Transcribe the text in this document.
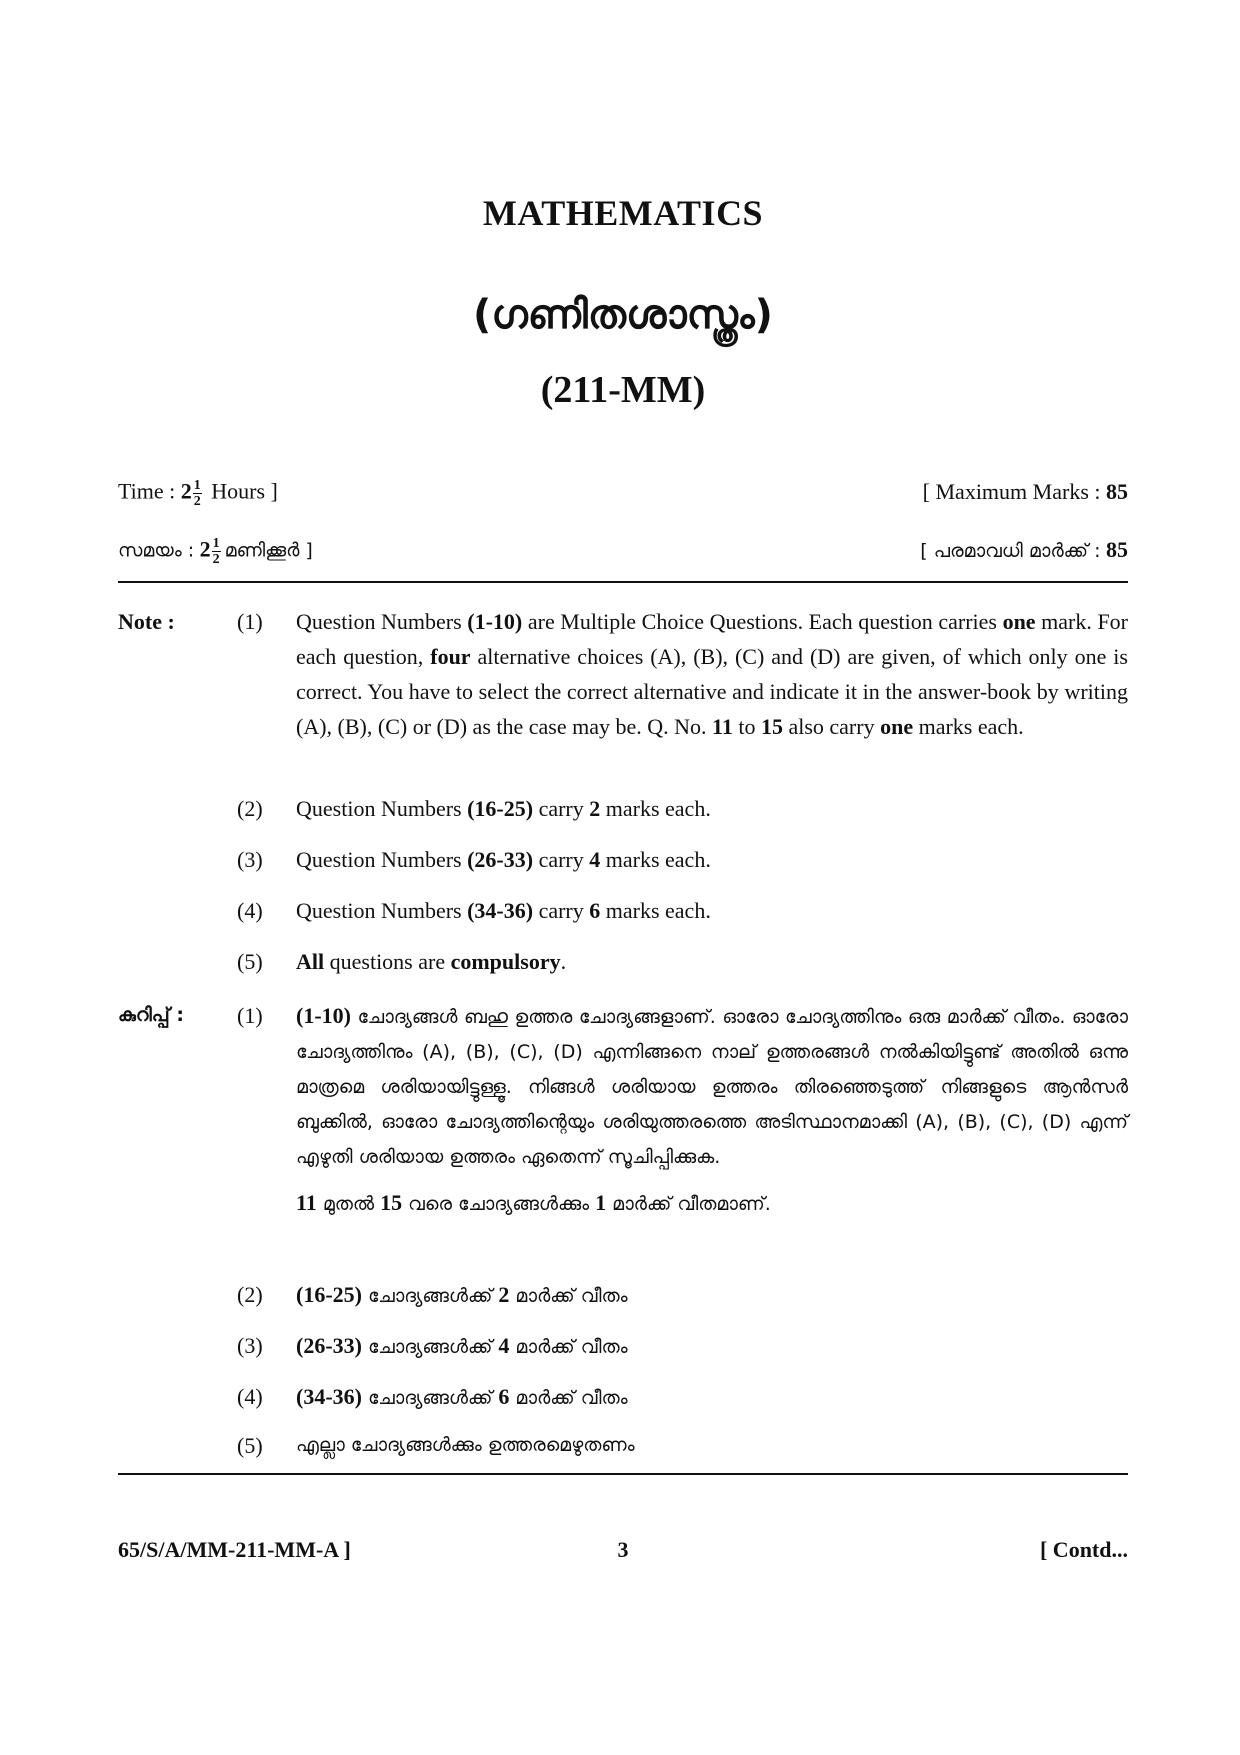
MATHEMATICS
(ഗണിതശാസ്ത്രം)
(211-MM)
Time : $2 \frac{1}{2}$ Hours ]	[ Maximum Marks : 85
സമയം : $2 \frac{1}{2}$ മണിക്കൂർ ]	[ പരമാവധി മാർക്ക് : 85
Note :	(1)	Question Numbers (1-10) are Multiple Choice Questions. Each question carries one mark. For each question, four alternative choices (A), (B), (C) and (D) are given, of which only one is correct. You have to select the correct alternative and indicate it in the answer-book by writing (A), (B), (C) or (D) as the case may be. Q. No. 11 to 15 also carry one marks each.
(2)	Question Numbers (16-25) carry 2 marks each.
(3)	Question Numbers (26-33) carry 4 marks each.
(4)	Question Numbers (34-36) carry 6 marks each.
(5)	All questions are compulsory.
കുറിപ്പ് : (1)	(1-10) ചോദ്യങ്ങൾ ബഹു ഉത്തര ചോദ്യങ്ങളാണ്. ഓരോ ചോദ്യത്തിനും ഒരു മാർക്ക് വീതം. ഓരോ ചോദ്യത്തിനും (A), (B), (C), (D) എന്നിങ്ങനെ നാല് ഉത്തരങ്ങൾ നൽകിയിട്ടുണ്ട് അതിൽ ഒന്നു മാത്രമെ ശരിയായിട്ടുള്ളൂ. നിങ്ങൾ ശരിയായ ഉത്തരം തിരഞ്ഞെടുത്ത് നിങ്ങളുടെ ആൻസർ ബുക്കിൽ, ഓരോ ചോദ്യത്തിന്റെയും ശരിയുത്തരത്തെ അടിസ്ഥാനമാക്കി (A), (B), (C), (D) എന്ന് എഴുതി ശരിയായ ഉത്തരം ഏതെന്ന് സൂചിപ്പിക്കുക.
11 മുതൽ 15 വരെ ചോദ്യങ്ങൾക്കും 1 മാർക്ക് വീതമാണ്.
(2)	(16-25) ചോദ്യങ്ങൾക്ക് 2 മാർക്ക് വീതം
(3)	(26-33) ചോദ്യങ്ങൾക്ക് 4 മാർക്ക് വീതം
(4)	(34-36) ചോദ്യങ്ങൾക്ക് 6 മാർക്ക് വീതം
(5)	എല്ലാ ചോദ്യങ്ങൾക്കും ഉത്തരമെഴുതണം
65/S/A/MM-211-MM-A ]	3	[ Contd...
